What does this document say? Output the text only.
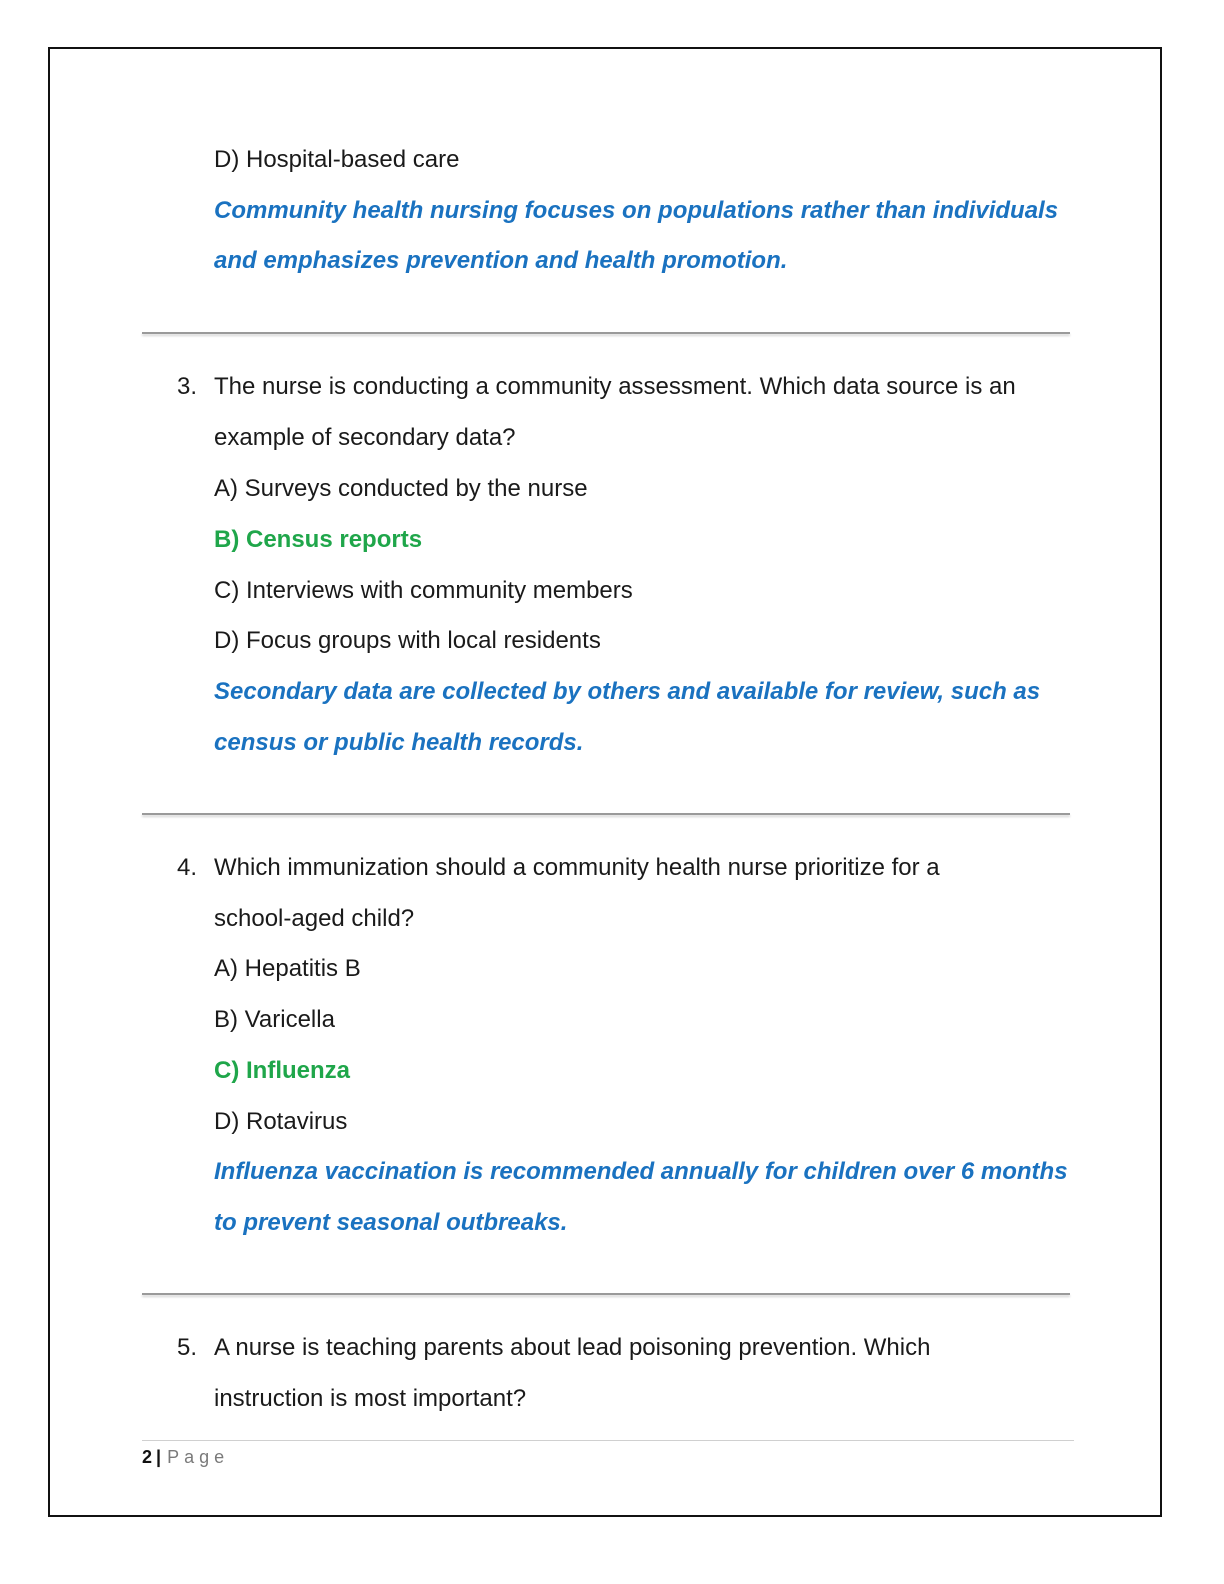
D) Hospital-based care
Community health nursing focuses on populations rather than individuals
and emphasizes prevention and health promotion.
3. The nurse is conducting a community assessment. Which data source is an
example of secondary data?
A) Surveys conducted by the nurse
B) Census reports
C) Interviews with community members
D) Focus groups with local residents
Secondary data are collected by others and available for review, such as
census or public health records.
4. Which immunization should a community health nurse prioritize for a
school-aged child?
A) Hepatitis B
B) Varicella
C) Influenza
D) Rotavirus
Influenza vaccination is recommended annually for children over 6 months
to prevent seasonal outbreaks.
5. A nurse is teaching parents about lead poisoning prevention. Which
instruction is most important?
2 | Page
